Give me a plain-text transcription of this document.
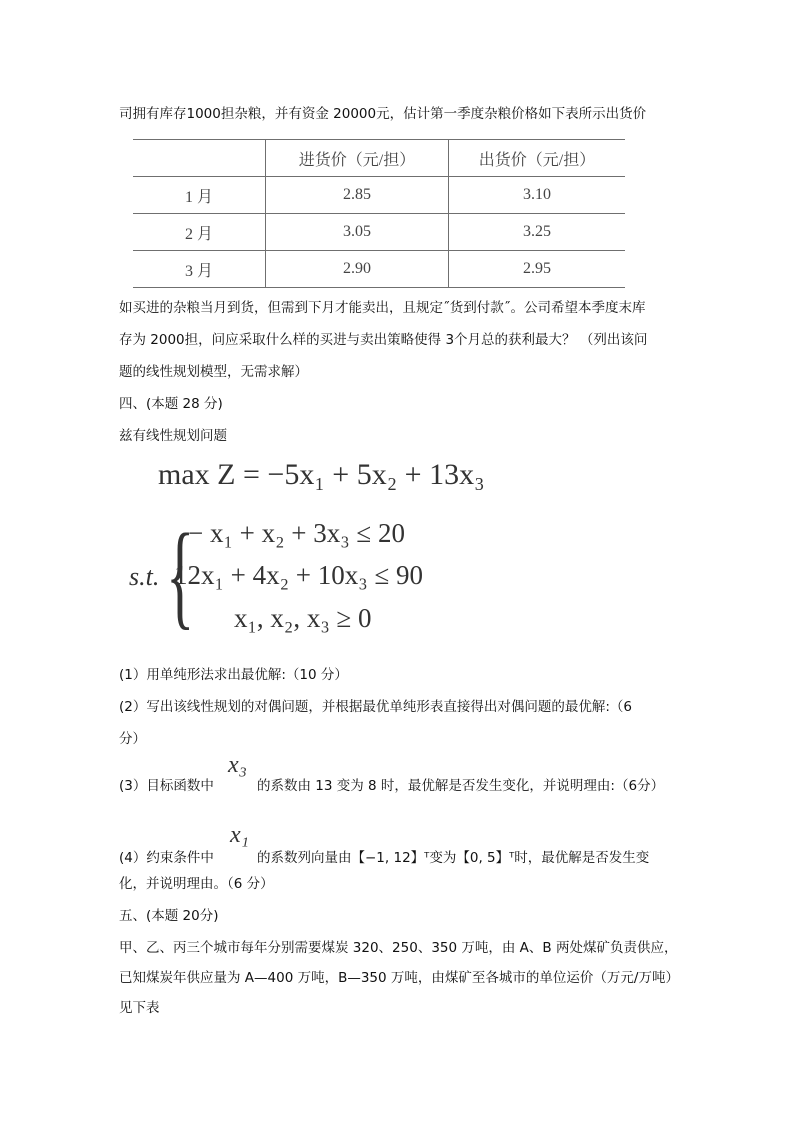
司拥有库存1000担杂粮，并有资金 20000元，估计第一季度杂粮价格如下表所示出货价
	进货价（元/担）	出货价（元/担）
1 月	2.85	3.10
2 月	3.05	3.25
3 月	2.90	2.95
如买进的杂粮当月到货，但需到下月才能卖出，且规定˝货到付款˝。公司希望本季度末库
存为 2000担，问应采取什么样的买进与卖出策略使得 3个月总的获利最大？ （列出该问
题的线性规划模型，无需求解）
四、(本题 28 分)
兹有线性规划问题
max Z = −5x₁ + 5x₂ + 13x₃
s.t. {
− x₁ + x₂ + 3x₃ ≤ 20
12x₁ + 4x₂ + 10x₃ ≤ 90
x₁, x₂, x₃ ≥ 0
(1）用单纯形法求出最优解:（10 分）
(2）写出该线性规划的对偶问题，并根据最优单纯形表直接得出对偶问题的最优解:（6
分）
x₃
(3）目标函数中	的系数由 13 变为 8 时，最优解是否发生变化，并说明理由:（6分）
x₁
(4）约束条件中	的系数列向量由【−1, 12】ᵀ变为【0, 5】ᵀ时，最优解是否发生变
化，并说明理由。（6 分）
五、(本题 20分)
甲、乙、丙三个城市每年分别需要煤炭 320、250、350 万吨，由 A、B 两处煤矿负责供应，
已知煤炭年供应量为 A—400 万吨，B—350 万吨，由煤矿至各城市的单位运价（万元/万吨）
见下表
